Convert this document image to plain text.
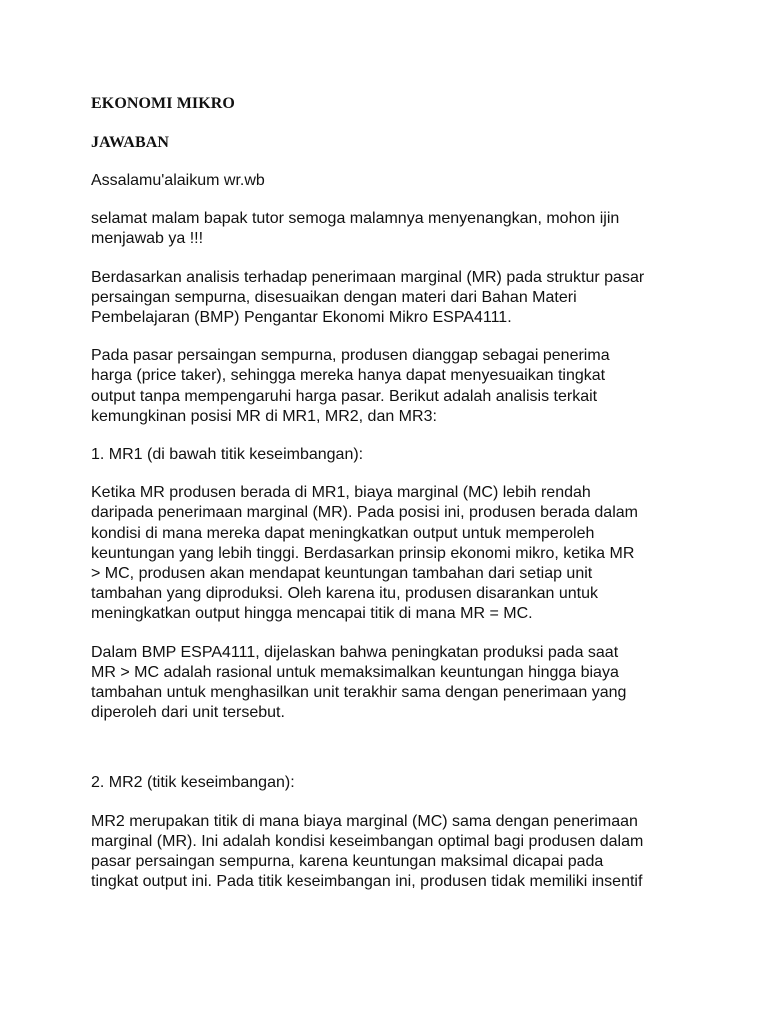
EKONOMI MIKRO

JAWABAN

Assalamu'alaikum wr.wb

selamat malam bapak tutor semoga malamnya menyenangkan, mohon ijin
menjawab ya !!!

Berdasarkan analisis terhadap penerimaan marginal (MR) pada struktur pasar
persaingan sempurna, disesuaikan dengan materi dari Bahan Materi
Pembelajaran (BMP) Pengantar Ekonomi Mikro ESPA4111.

Pada pasar persaingan sempurna, produsen dianggap sebagai penerima
harga (price taker), sehingga mereka hanya dapat menyesuaikan tingkat
output tanpa mempengaruhi harga pasar. Berikut adalah analisis terkait
kemungkinan posisi MR di MR1, MR2, dan MR3:

1. MR1 (di bawah titik keseimbangan):

Ketika MR produsen berada di MR1, biaya marginal (MC) lebih rendah
daripada penerimaan marginal (MR). Pada posisi ini, produsen berada dalam
kondisi di mana mereka dapat meningkatkan output untuk memperoleh
keuntungan yang lebih tinggi. Berdasarkan prinsip ekonomi mikro, ketika MR
> MC, produsen akan mendapat keuntungan tambahan dari setiap unit
tambahan yang diproduksi. Oleh karena itu, produsen disarankan untuk
meningkatkan output hingga mencapai titik di mana MR = MC.

Dalam BMP ESPA4111, dijelaskan bahwa peningkatan produksi pada saat
MR > MC adalah rasional untuk memaksimalkan keuntungan hingga biaya
tambahan untuk menghasilkan unit terakhir sama dengan penerimaan yang
diperoleh dari unit tersebut.

2. MR2 (titik keseimbangan):

MR2 merupakan titik di mana biaya marginal (MC) sama dengan penerimaan
marginal (MR). Ini adalah kondisi keseimbangan optimal bagi produsen dalam
pasar persaingan sempurna, karena keuntungan maksimal dicapai pada
tingkat output ini. Pada titik keseimbangan ini, produsen tidak memiliki insentif
